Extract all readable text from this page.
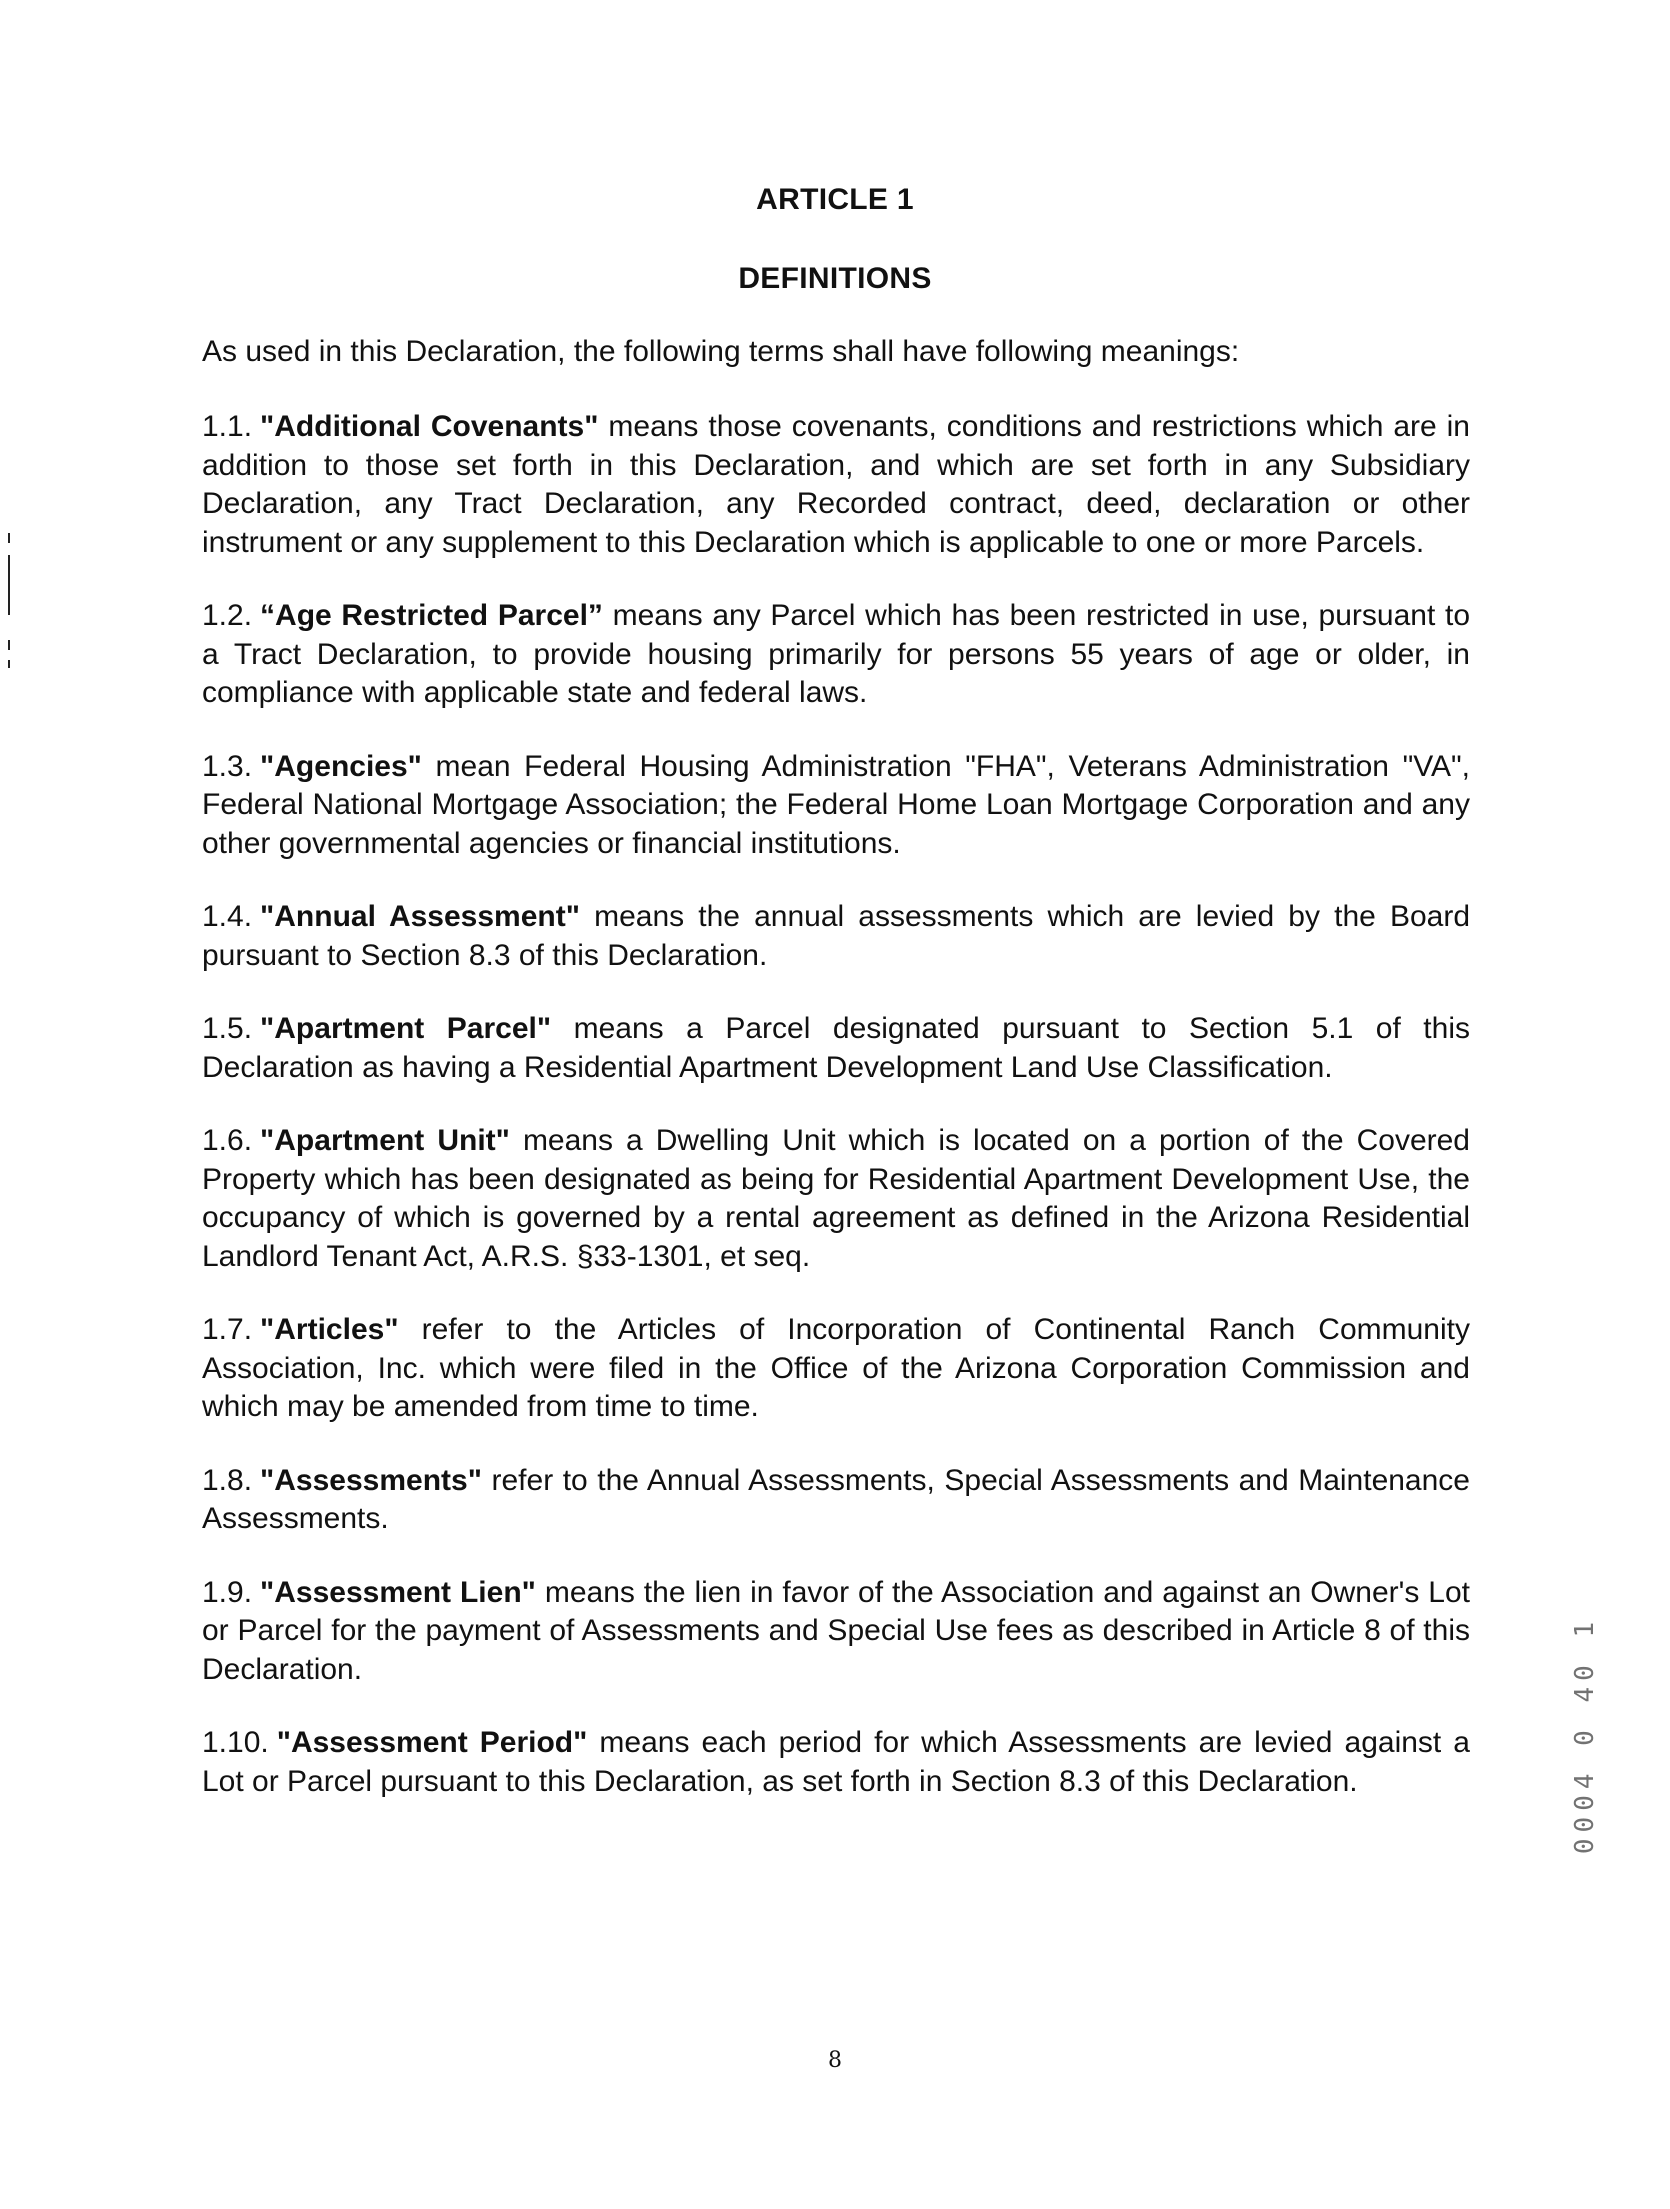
ARTICLE 1
DEFINITIONS
As used in this Declaration, the following terms shall have following meanings:

1.1. "Additional Covenants" means those covenants, conditions and restrictions which are in addition to those set forth in this Declaration, and which are set forth in any Subsidiary Declaration, any Tract Declaration, any Recorded contract, deed, declaration or other instrument or any supplement to this Declaration which is applicable to one or more Parcels.

1.2. “Age Restricted Parcel” means any Parcel which has been restricted in use, pursuant to a Tract Declaration, to provide housing primarily for persons 55 years of age or older, in compliance with applicable state and federal laws.

1.3. "Agencies" mean Federal Housing Administration "FHA", Veterans Administration "VA", Federal National Mortgage Association; the Federal Home Loan Mortgage Corporation and any other governmental agencies or financial institutions.

1.4. "Annual Assessment" means the annual assessments which are levied by the Board pursuant to Section 8.3 of this Declaration.

1.5. "Apartment Parcel" means a Parcel designated pursuant to Section 5.1 of this Declaration as having a Residential Apartment Development Land Use Classification.

1.6. "Apartment Unit" means a Dwelling Unit which is located on a portion of the Covered Property which has been designated as being for Residential Apartment Development Use, the occupancy of which is governed by a rental agreement as defined in the Arizona Residential Landlord Tenant Act, A.R.S. §33-1301, et seq.

1.7. "Articles" refer to the Articles of Incorporation of Continental Ranch Community Association, Inc. which were filed in the Office of the Arizona Corporation Commission and which may be amended from time to time.

1.8. "Assessments" refer to the Annual Assessments, Special Assessments and Maintenance Assessments.

1.9. "Assessment Lien" means the lien in favor of the Association and against an Owner's Lot or Parcel for the payment of Assessments and Special Use fees as described in Article 8 of this Declaration.

1.10. "Assessment Period" means each period for which Assessments are levied against a Lot or Parcel pursuant to this Declaration, as set forth in Section 8.3 of this Declaration.	0004 0 40 1
8
